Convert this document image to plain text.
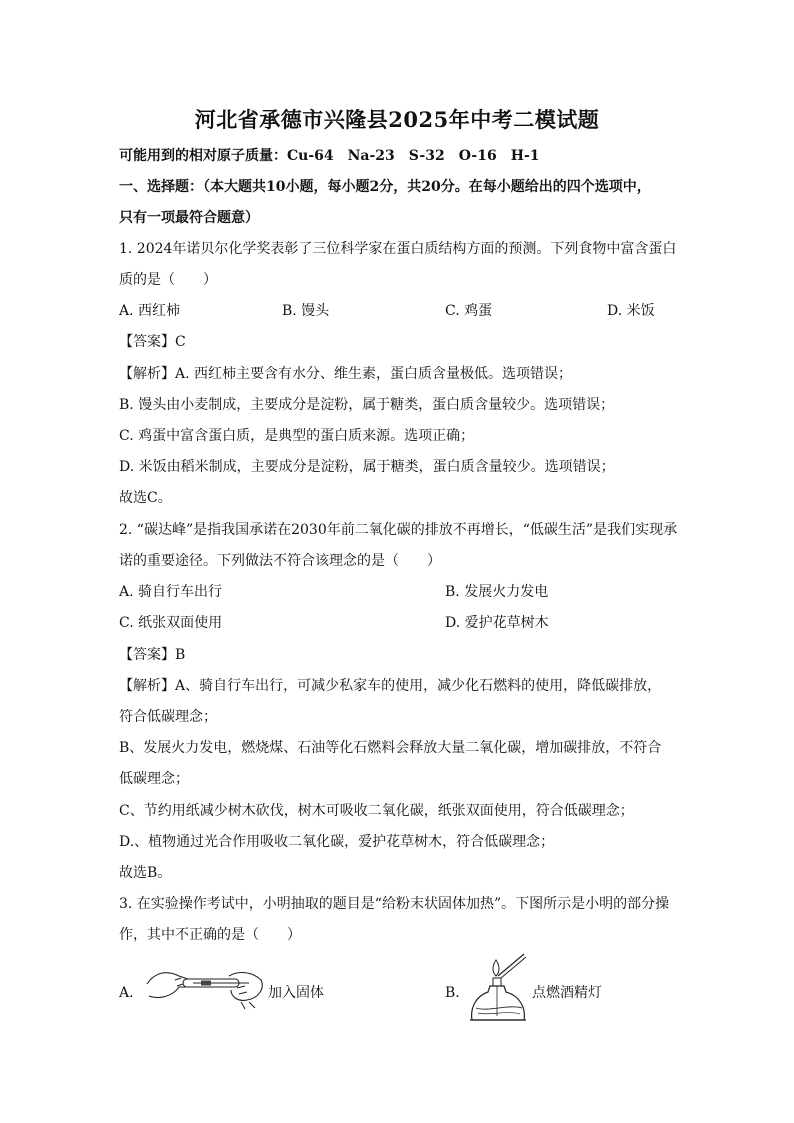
河北省承德市兴隆县2025年中考二模试题
可能用到的相对原子质量：Cu-64 Na-23 S-32 O-16 H-1
一、选择题：（本大题共10小题，每小题2分，共20分。在每小题给出的四个选项中，
只有一项最符合题意）
1. 2024年诺贝尔化学奖表彰了三位科学家在蛋白质结构方面的预测。下列食物中富含蛋白
质的是（　　）
A. 西红柿	B. 馒头	C. 鸡蛋	D. 米饭
【答案】C
【解析】A. 西红柿主要含有水分、维生素，蛋白质含量极低。选项错误；
B. 馒头由小麦制成，主要成分是淀粉，属于糖类，蛋白质含量较少。选项错误；
C. 鸡蛋中富含蛋白质，是典型的蛋白质来源。选项正确；
D. 米饭由稻米制成，主要成分是淀粉，属于糖类，蛋白质含量较少。选项错误；
故选C。
2. “碳达峰”是指我国承诺在2030年前二氧化碳的排放不再增长，“低碳生活”是我们实现承
诺的重要途径。下列做法不符合该理念的是（　　）
A. 骑自行车出行	B. 发展火力发电
C. 纸张双面使用	D. 爱护花草树木
【答案】B
【解析】A、骑自行车出行，可减少私家车的使用，减少化石燃料的使用，降低碳排放，
符合低碳理念；
B、发展火力发电，燃烧煤、石油等化石燃料会释放大量二氧化碳，增加碳排放，不符合
低碳理念；
C、节约用纸减少树木砍伐，树木可吸收二氧化碳，纸张双面使用，符合低碳理念；
D.、植物通过光合作用吸收二氧化碳，爱护花草树木，符合低碳理念；
故选B。
3. 在实验操作考试中，小明抽取的题目是“给粉末状固体加热”。下图所示是小明的部分操
作，其中不正确的是（　　）
A.	加入固体	B.	点燃酒精灯
